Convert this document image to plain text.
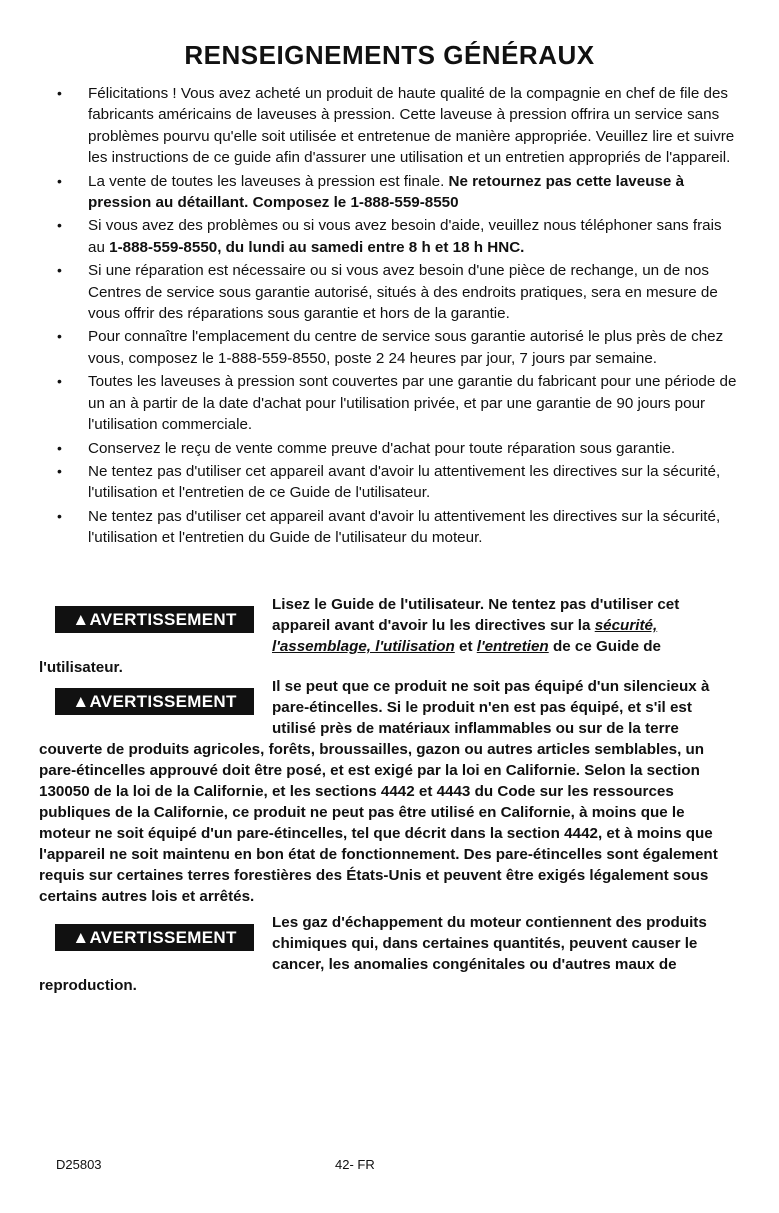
RENSEIGNEMENTS GÉNÉRAUX
• Félicitations ! Vous avez acheté un produit de haute qualité de la compagnie en chef de file des fabricants américains de laveuses à pression. Cette laveuse à pression offrira un service sans problèmes pourvu qu'elle soit utilisée et entretenue de manière appropriée. Veuillez lire et suivre les instructions de ce guide afin d'assurer une utilisation et un entretien appropriés de l'appareil.
• La vente de toutes les laveuses à pression est finale. Ne retournez pas cette laveuse à pression au détaillant. Composez le 1-888-559-8550
• Si vous avez des problèmes ou si vous avez besoin d'aide, veuillez nous téléphoner sans frais au 1-888-559-8550, du lundi au samedi entre 8 h et 18 h HNC.
• Si une réparation est nécessaire ou si vous avez besoin d'une pièce de rechange, un de nos Centres de service sous garantie autorisé, situés à des endroits pratiques, sera en mesure de vous offrir des réparations sous garantie et hors de la garantie.
• Pour connaître l'emplacement du centre de service sous garantie autorisé le plus près de chez vous, composez le 1-888-559-8550, poste 2 24 heures par jour, 7 jours par semaine.
• Toutes les laveuses à pression sont couvertes par une garantie du fabricant pour une période de un an à partir de la date d'achat pour l'utilisation privée, et par une garantie de 90 jours pour l'utilisation commerciale.
• Conservez le reçu de vente comme preuve d'achat pour toute réparation sous garantie.
• Ne tentez pas d'utiliser cet appareil avant d'avoir lu attentivement les directives sur la sécurité, l'utilisation et l'entretien de ce Guide de l'utilisateur.
• Ne tentez pas d'utiliser cet appareil avant d'avoir lu attentivement les directives sur la sécurité, l'utilisation et l'entretien du Guide de l'utilisateur du moteur.
▲AVERTISSEMENT
Lisez le Guide de l'utilisateur. Ne tentez pas d'utiliser cet appareil avant d'avoir lu les directives sur la sécurité, l'assemblage, l'utilisation et l'entretien de ce Guide de l'utilisateur.
▲AVERTISSEMENT
Il se peut que ce produit ne soit pas équipé d'un silencieux à pare-étincelles. Si le produit n'en est pas équipé, et s'il est utilisé près de matériaux inflammables ou sur de la terre couverte de produits agricoles, forêts, broussailles, gazon ou autres articles semblables, un pare-étincelles approuvé doit être posé, et est exigé par la loi en Californie. Selon la section 130050 de la loi de la Californie, et les sections 4442 et 4443 du Code sur les ressources publiques de la Californie, ce produit ne peut pas être utilisé en Californie, à moins que le moteur ne soit équipé d'un pare-étincelles, tel que décrit dans la section 4442, et à moins que l'appareil ne soit maintenu en bon état de fonctionnement. Des pare-étincelles sont également requis sur certaines terres forestières des États-Unis et peuvent être exigés légalement sous certains autres lois et arrêtés.
▲AVERTISSEMENT
Les gaz d'échappement du moteur contiennent des produits chimiques qui, dans certaines quantités, peuvent causer le cancer, les anomalies congénitales ou d'autres maux de reproduction.
D25803	42- FR
